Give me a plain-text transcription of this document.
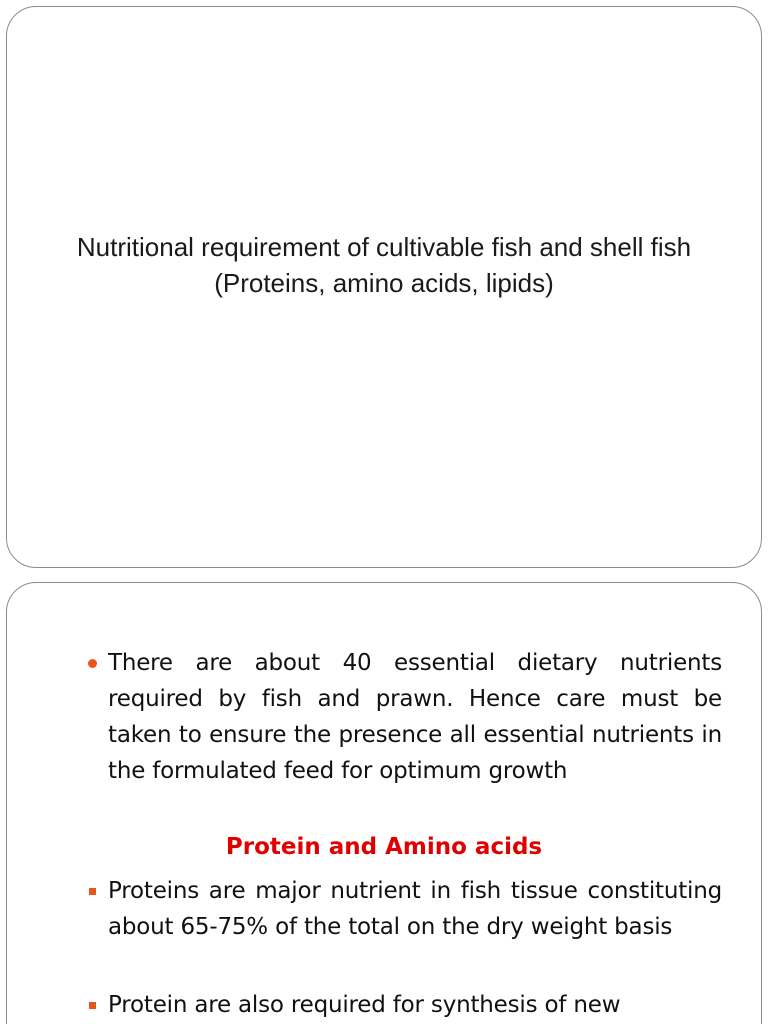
Nutritional requirement of cultivable fish and shell fish (Proteins, amino acids, lipids)
There are about 40 essential dietary nutrients required by fish and prawn. Hence care must be taken to ensure the presence all essential nutrients in the formulated feed for optimum growth
Protein and Amino acids
Proteins are major nutrient in fish tissue constituting about 65-75% of the total on the dry weight basis
Protein are also required for synthesis of new
